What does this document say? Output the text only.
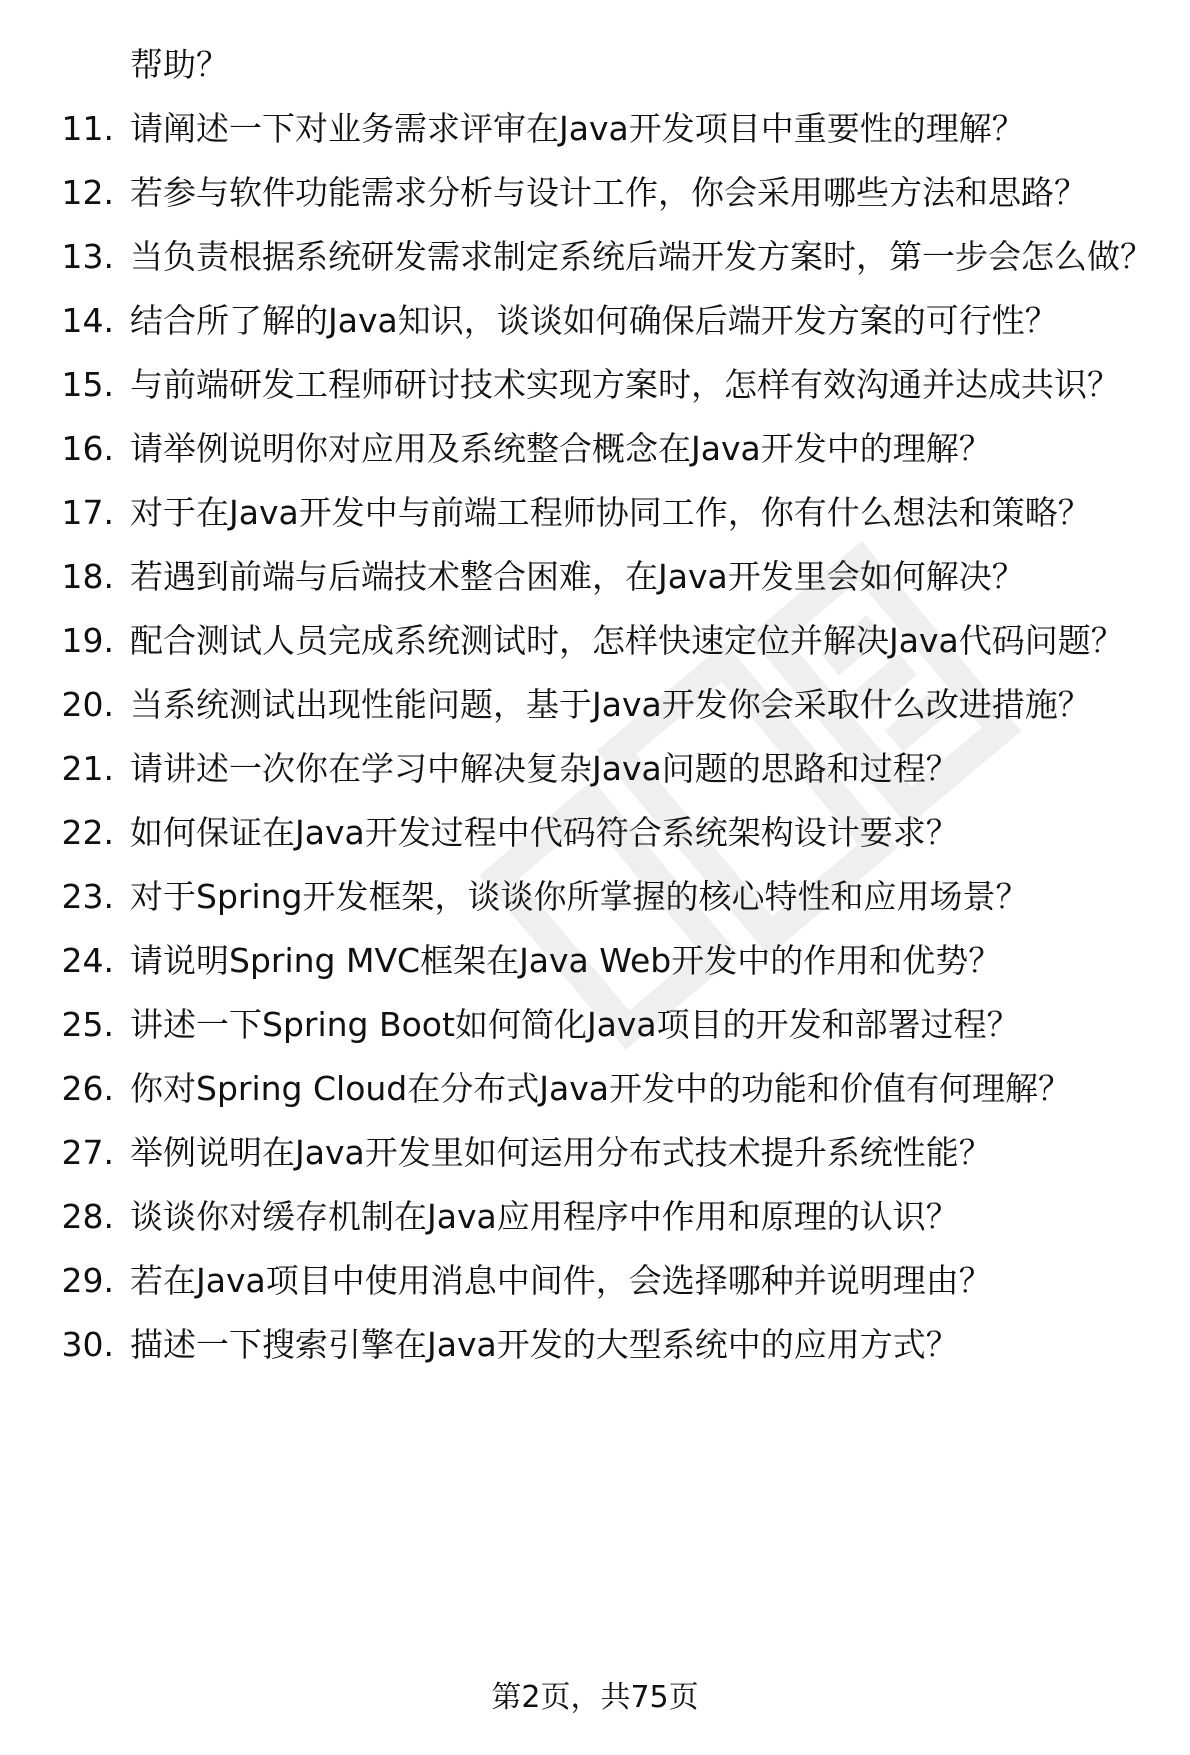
帮助？
11. 请阐述一下对业务需求评审在Java开发项目中重要性的理解？
12. 若参与软件功能需求分析与设计工作，你会采用哪些方法和思路？
13. 当负责根据系统研发需求制定系统后端开发方案时，第一步会怎么做？
14. 结合所了解的Java知识，谈谈如何确保后端开发方案的可行性？
15. 与前端研发工程师研讨技术实现方案时，怎样有效沟通并达成共识？
16. 请举例说明你对应用及系统整合概念在Java开发中的理解？
17. 对于在Java开发中与前端工程师协同工作，你有什么想法和策略？
18. 若遇到前端与后端技术整合困难，在Java开发里会如何解决？
19. 配合测试人员完成系统测试时，怎样快速定位并解决Java代码问题？
20. 当系统测试出现性能问题，基于Java开发你会采取什么改进措施？
21. 请讲述一次你在学习中解决复杂Java问题的思路和过程？
22. 如何保证在Java开发过程中代码符合系统架构设计要求？
23. 对于Spring开发框架，谈谈你所掌握的核心特性和应用场景？
24. 请说明Spring MVC框架在Java Web开发中的作用和优势？
25. 讲述一下Spring Boot如何简化Java项目的开发和部署过程？
26. 你对Spring Cloud在分布式Java开发中的功能和价值有何理解？
27. 举例说明在Java开发里如何运用分布式技术提升系统性能？
28. 谈谈你对缓存机制在Java应用程序中作用和原理的认识？
29. 若在Java项目中使用消息中间件，会选择哪种并说明理由？
30. 描述一下搜索引擎在Java开发的大型系统中的应用方式？
第2页，共75页
